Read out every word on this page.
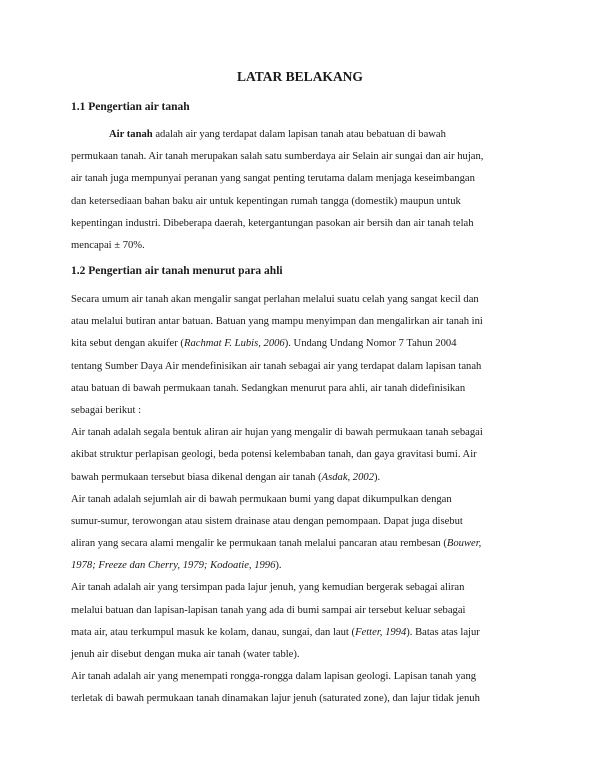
LATAR BELAKANG
1.1 Pengertian air tanah
Air tanah adalah air yang terdapat dalam lapisan tanah atau bebatuan di bawah
permukaan tanah. Air tanah merupakan salah satu sumberdaya air Selain air sungai dan air hujan,
air tanah juga mempunyai peranan yang sangat penting terutama dalam menjaga keseimbangan
dan ketersediaan bahan baku air untuk kepentingan rumah tangga (domestik) maupun untuk
kepentingan industri. Dibeberapa daerah, ketergantungan pasokan air bersih dan air tanah telah
mencapai ± 70%.
1.2 Pengertian air tanah menurut para ahli
Secara umum air tanah akan mengalir sangat perlahan melalui suatu celah yang sangat kecil dan
atau melalui butiran antar batuan. Batuan yang mampu menyimpan dan mengalirkan air tanah ini
kita sebut dengan akuifer (Rachmat F. Lubis, 2006). Undang Undang Nomor 7 Tahun 2004
tentang Sumber Daya Air mendefinisikan air tanah sebagai air yang terdapat dalam lapisan tanah
atau batuan di bawah permukaan tanah. Sedangkan menurut para ahli, air tanah didefinisikan
sebagai berikut :
Air tanah adalah segala bentuk aliran air hujan yang mengalir di bawah permukaan tanah sebagai
akibat struktur perlapisan geologi, beda potensi kelembaban tanah, dan gaya gravitasi bumi. Air
bawah permukaan tersebut biasa dikenal dengan air tanah (Asdak, 2002).
Air tanah adalah sejumlah air di bawah permukaan bumi yang dapat dikumpulkan dengan
sumur-sumur, terowongan atau sistem drainase atau dengan pemompaan. Dapat juga disebut
aliran yang secara alami mengalir ke permukaan tanah melalui pancaran atau rembesan (Bouwer,
1978; Freeze dan Cherry, 1979; Kodoatie, 1996).
Air tanah adalah air yang tersimpan pada lajur jenuh, yang kemudian bergerak sebagai aliran
melalui batuan dan lapisan-lapisan tanah yang ada di bumi sampai air tersebut keluar sebagai
mata air, atau terkumpul masuk ke kolam, danau, sungai, dan laut (Fetter, 1994). Batas atas lajur
jenuh air disebut dengan muka air tanah (water table).
Air tanah adalah air yang menempati rongga-rongga dalam lapisan geologi. Lapisan tanah yang
terletak di bawah permukaan tanah dinamakan lajur jenuh (saturated zone), dan lajur tidak jenuh
